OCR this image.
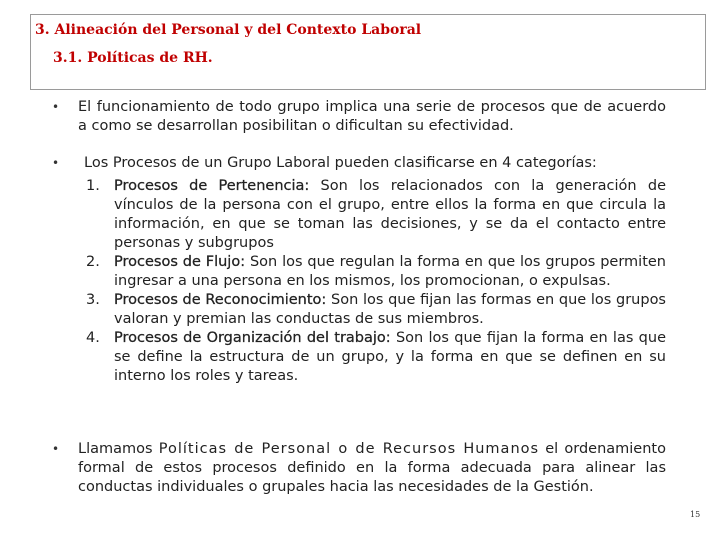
3. Alineación del Personal y del Contexto Laboral
3.1. Políticas de RH.
• El funcionamiento de todo grupo implica una serie de procesos que de acuerdo a como se desarrollan posibilitan o dificultan su efectividad.
• Los Procesos de un Grupo Laboral pueden clasificarse en 4 categorías:
1. Procesos de Pertenencia: Son los relacionados con la generación de vínculos de la persona con el grupo, entre ellos la forma en que circula la información, en que se toman las decisiones, y se da el contacto entre personas y subgrupos
2. Procesos de Flujo: Son los que regulan la forma en que los grupos permiten ingresar a una persona en los mismos, los promocionan, o expulsas.
3. Procesos de Reconocimiento: Son los que fijan las formas en que los grupos valoran y premian las conductas de sus miembros.
4. Procesos de Organización del trabajo: Son los que fijan la forma en las que se define la estructura de un grupo, y la forma en que se definen en su interno los roles y tareas.
• Llamamos Políticas de Personal o de Recursos Humanos el ordenamiento formal de estos procesos definido en la forma adecuada para alinear las conductas individuales o grupales hacia las necesidades de la Gestión.
15
